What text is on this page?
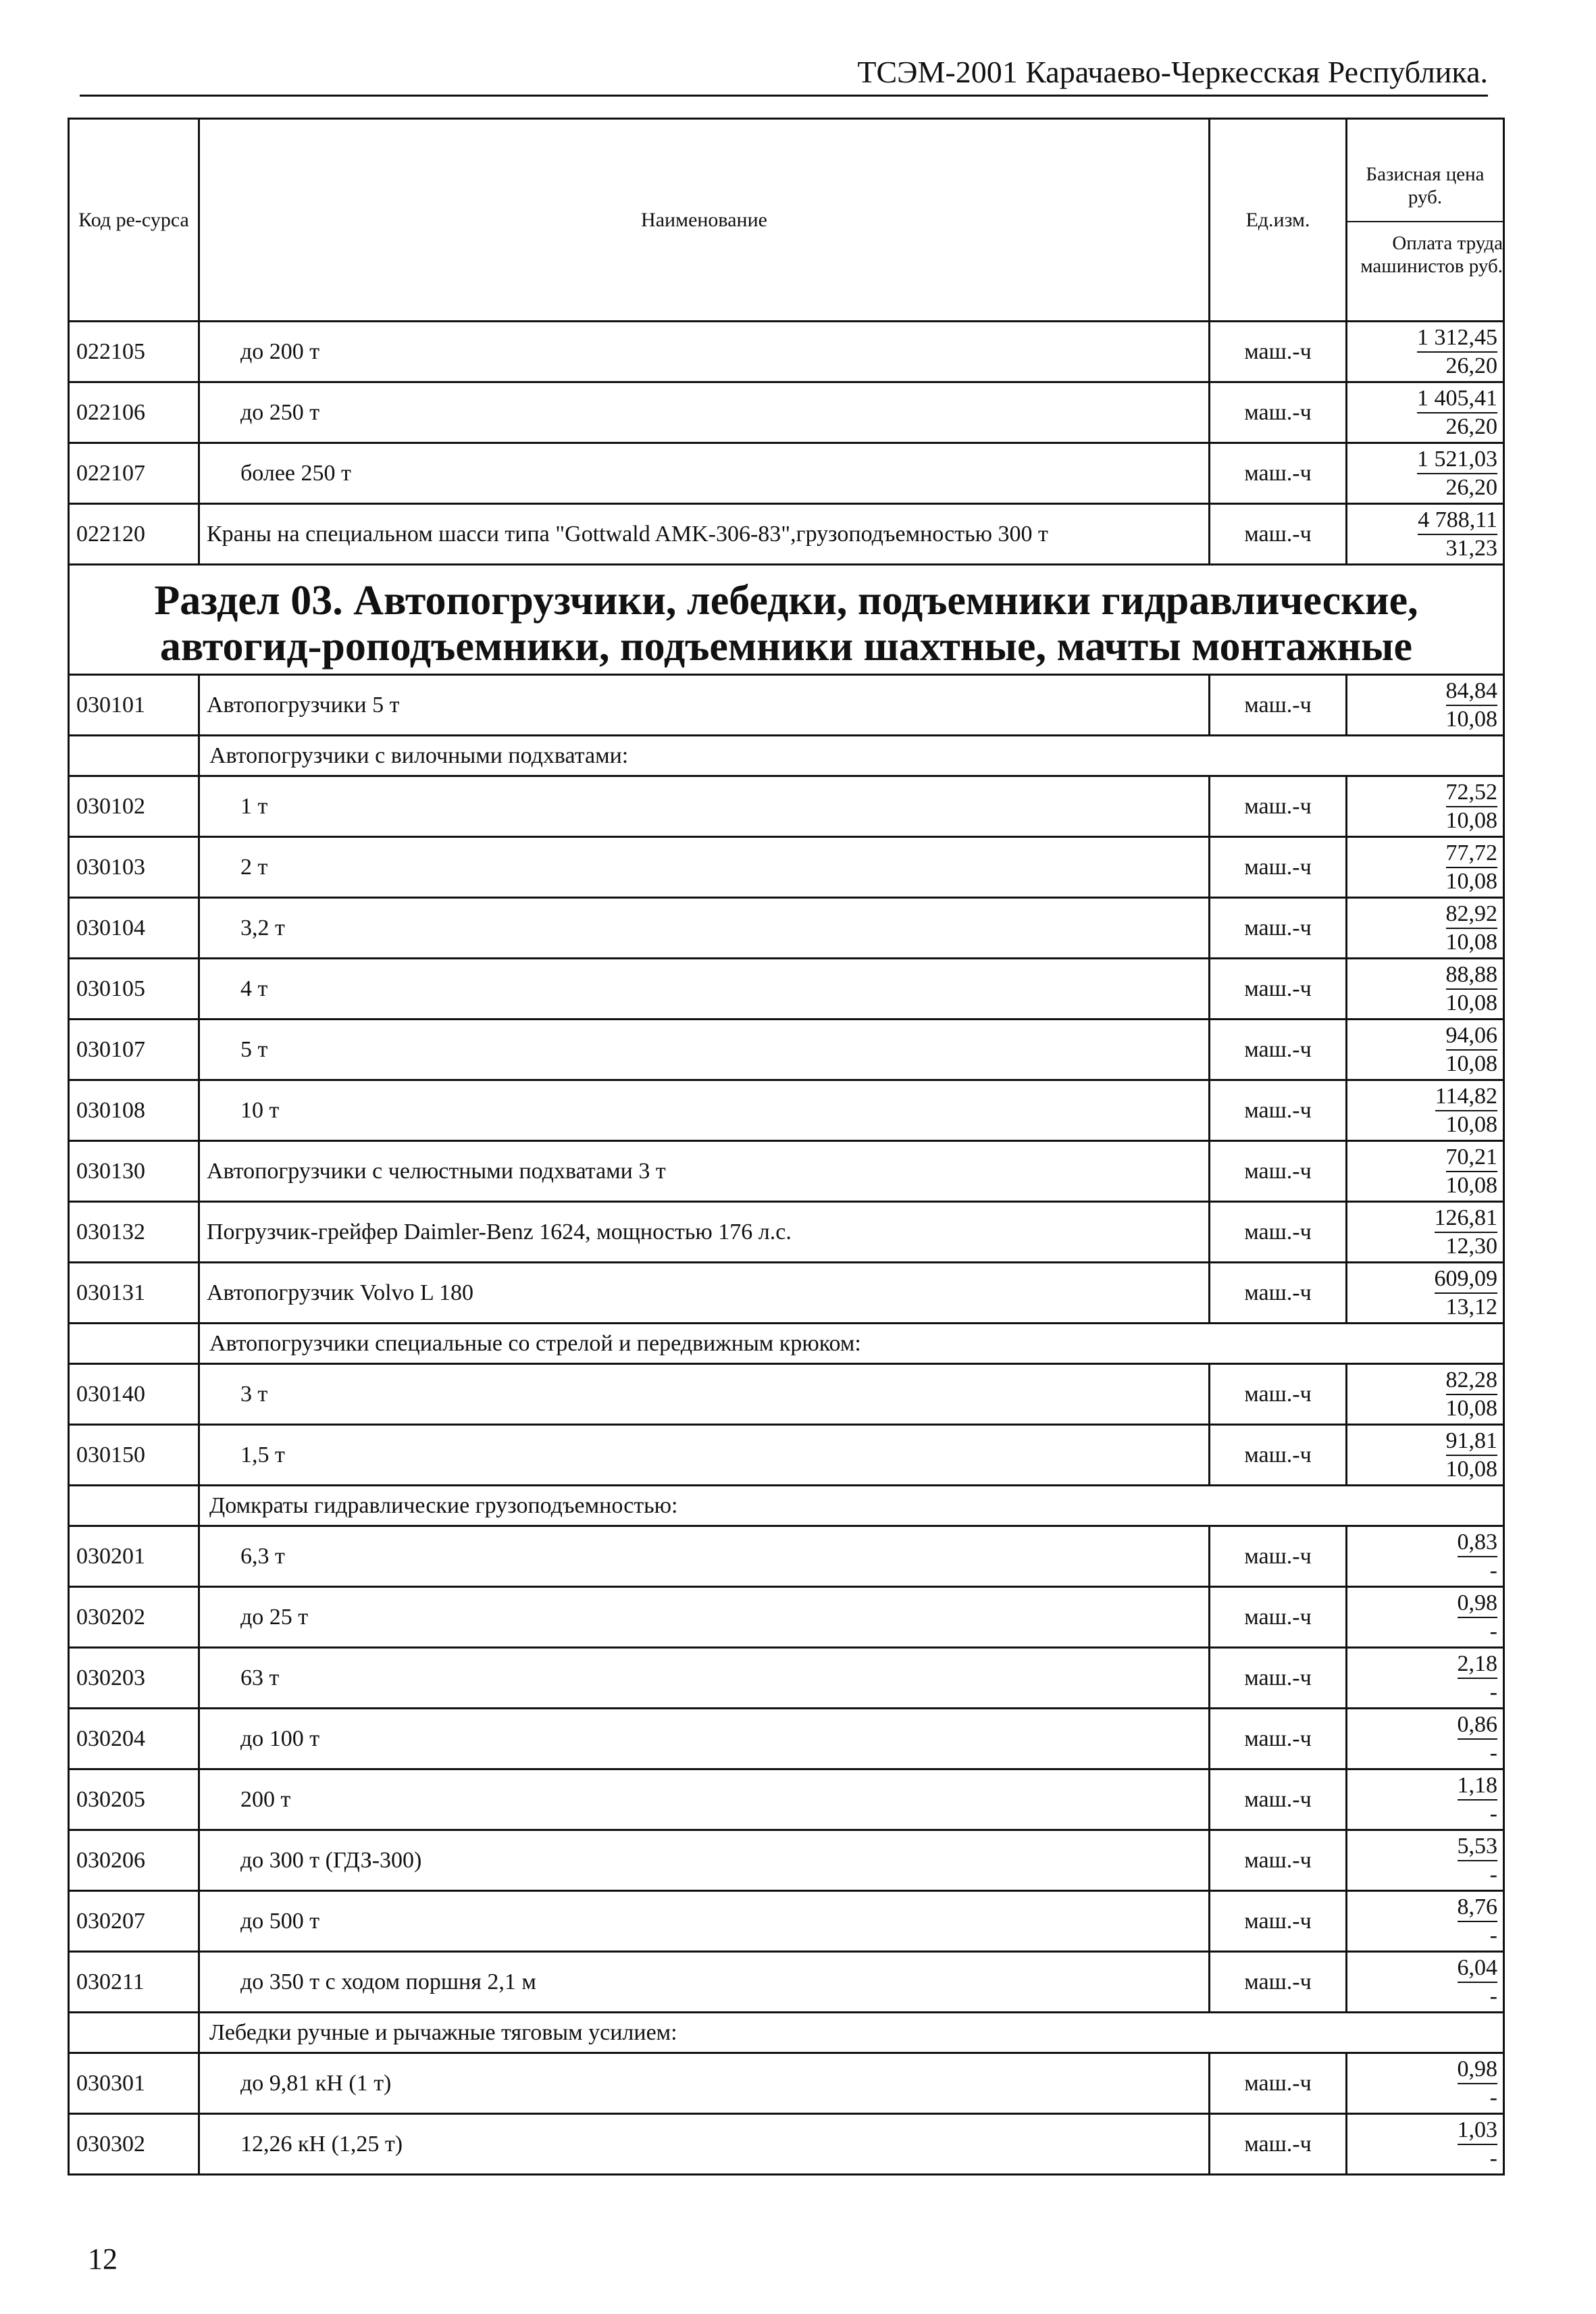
ТСЭМ-2001 Карачаево-Черкесская Республика.
Код ре-сурса	Наименование	Ед.изм.	Базисная цена руб.
Оплата труда машинистов руб.

022105	до 200 т	маш.-ч	1 312,45
26,20

022106	до 250 т	маш.-ч	1 405,41
26,20

022107	более 250 т	маш.-ч	1 521,03
26,20

022120	Краны на специальном шасси типа "Gottwald AMK-306-83",грузоподъемностью 300 т	маш.-ч	4 788,11
31,23

Раздел 03. Автопогрузчики, лебедки, подъемники гидравлические, автогид-роподъемники, подъемники шахтные, мачты монтажные			
030101	Автопогрузчики 5 т	маш.-ч	84,84
10,08

	Автопогрузчики с вилочными подхватами:		
030102	1 т	маш.-ч	72,52
10,08

030103	2 т	маш.-ч	77,72
10,08

030104	3,2 т	маш.-ч	82,92
10,08

030105	4 т	маш.-ч	88,88
10,08

030107	5 т	маш.-ч	94,06
10,08

030108	10 т	маш.-ч	114,82
10,08

030130	Автопогрузчики с челюстными подхватами 3 т	маш.-ч	70,21
10,08

030132	Погрузчик-грейфер Daimler-Benz 1624, мощностью 176 л.с.	маш.-ч	126,81
12,30

030131	Автопогрузчик Volvo L 180	маш.-ч	609,09
13,12

	Автопогрузчики специальные со стрелой и передвижным крюком:		
030140	3 т	маш.-ч	82,28
10,08

030150	1,5 т	маш.-ч	91,81
10,08

	Домкраты гидравлические грузоподъемностью:		
030201	6,3 т	маш.-ч	0,83
-

030202	до 25 т	маш.-ч	0,98
-

030203	63 т	маш.-ч	2,18
-

030204	до 100 т	маш.-ч	0,86
-

030205	200 т	маш.-ч	1,18
-

030206	до 300 т (ГДЗ-300)	маш.-ч	5,53
-

030207	до 500 т	маш.-ч	8,76
-

030211	до 350 т с ходом поршня 2,1 м	маш.-ч	6,04
-

	Лебедки ручные и рычажные тяговым усилием:		
030301	до 9,81 кН (1 т)	маш.-ч	0,98
-

030302	12,26 кН (1,25 т)	маш.-ч	1,03
-
12
